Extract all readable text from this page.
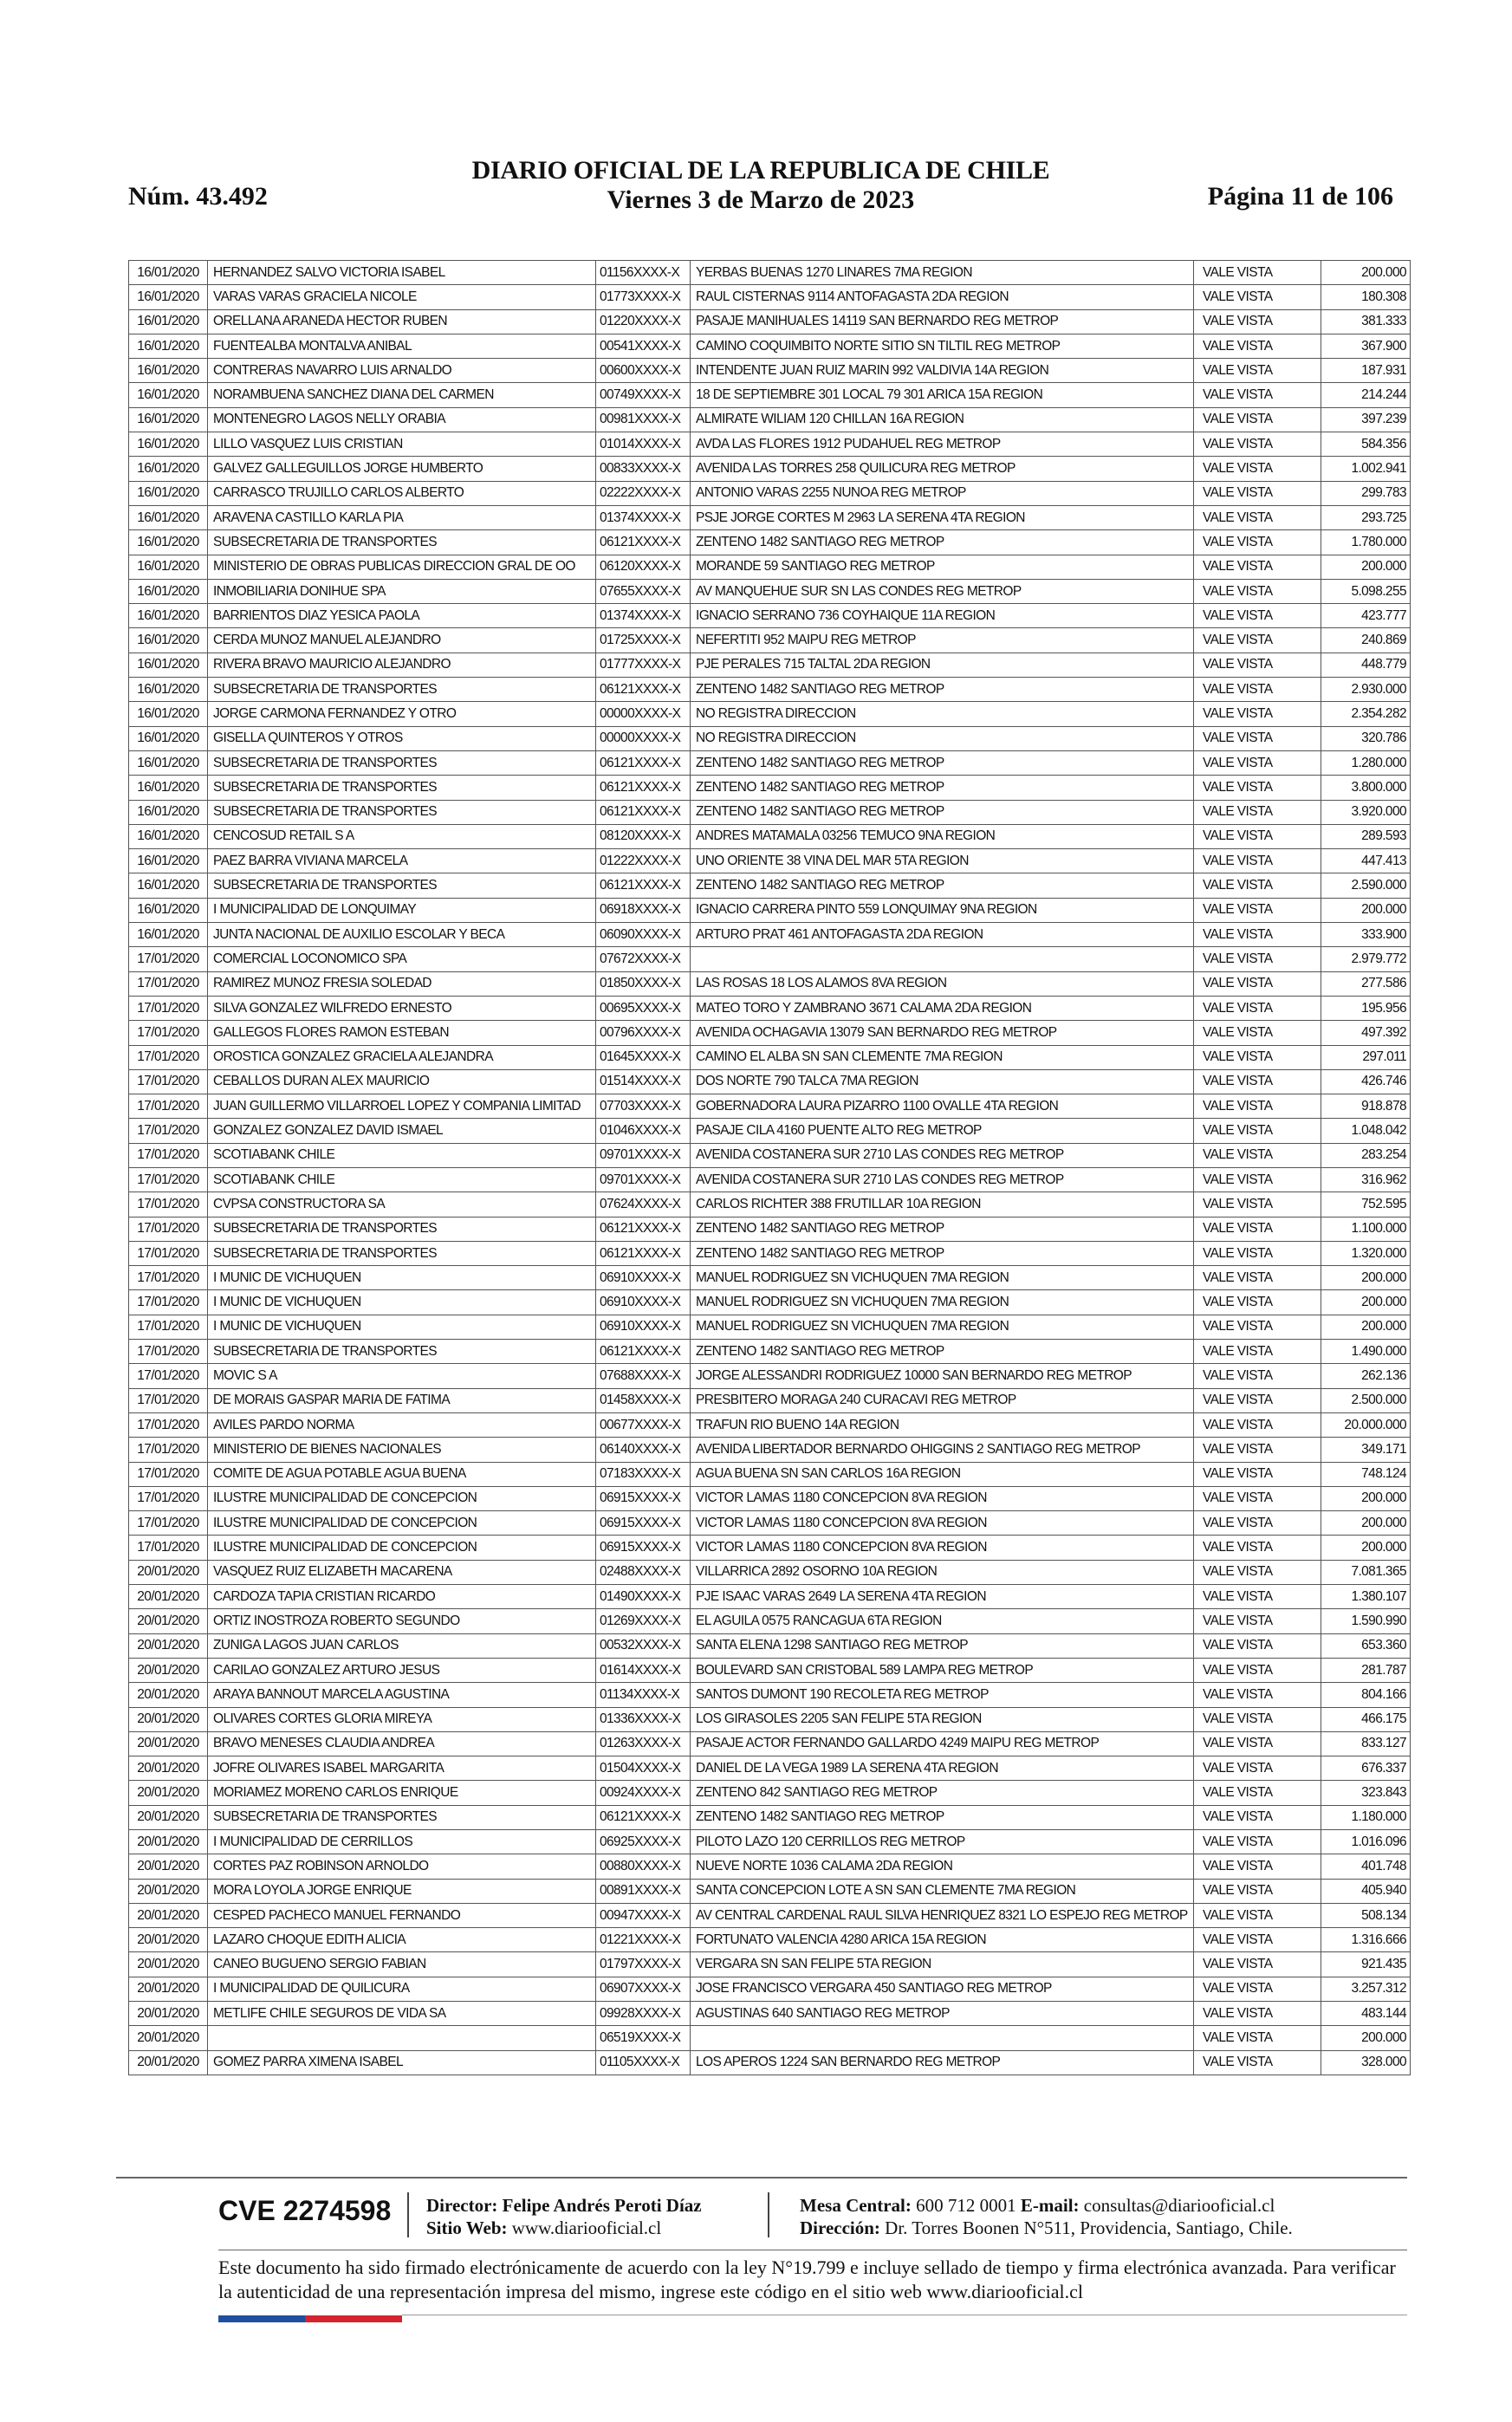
Núm. 43.492
DIARIO OFICIAL DE LA REPUBLICA DE CHILE
Viernes 3 de Marzo de 2023	Página 11 de 106
16/01/2020	HERNANDEZ SALVO VICTORIA ISABEL	01156XXXX-X	YERBAS BUENAS 1270 LINARES 7MA REGION	VALE VISTA	200.000
16/01/2020	VARAS VARAS GRACIELA NICOLE	01773XXXX-X	RAUL CISTERNAS 9114 ANTOFAGASTA 2DA REGION	VALE VISTA	180.308
16/01/2020	ORELLANA ARANEDA HECTOR RUBEN	01220XXXX-X	PASAJE MANIHUALES 14119 SAN BERNARDO REG METROP	VALE VISTA	381.333
16/01/2020	FUENTEALBA MONTALVA ANIBAL	00541XXXX-X	CAMINO COQUIMBITO NORTE SITIO SN TILTIL REG METROP	VALE VISTA	367.900
16/01/2020	CONTRERAS NAVARRO LUIS ARNALDO	00600XXXX-X	INTENDENTE JUAN RUIZ MARIN 992 VALDIVIA 14A REGION	VALE VISTA	187.931
16/01/2020	NORAMBUENA SANCHEZ DIANA DEL CARMEN	00749XXXX-X	18 DE SEPTIEMBRE 301 LOCAL 79 301 ARICA 15A REGION	VALE VISTA	214.244
16/01/2020	MONTENEGRO LAGOS NELLY ORABIA	00981XXXX-X	ALMIRATE WILIAM 120 CHILLAN 16A REGION	VALE VISTA	397.239
16/01/2020	LILLO VASQUEZ LUIS CRISTIAN	01014XXXX-X	AVDA LAS FLORES 1912 PUDAHUEL REG METROP	VALE VISTA	584.356
16/01/2020	GALVEZ GALLEGUILLOS JORGE HUMBERTO	00833XXXX-X	AVENIDA LAS TORRES 258 QUILICURA REG METROP	VALE VISTA	1.002.941
16/01/2020	CARRASCO TRUJILLO CARLOS ALBERTO	02222XXXX-X	ANTONIO VARAS 2255 NUNOA REG METROP	VALE VISTA	299.783
16/01/2020	ARAVENA CASTILLO KARLA PIA	01374XXXX-X	PSJE JORGE CORTES M 2963 LA SERENA 4TA REGION	VALE VISTA	293.725
16/01/2020	SUBSECRETARIA DE TRANSPORTES	06121XXXX-X	ZENTENO 1482 SANTIAGO REG METROP	VALE VISTA	1.780.000
16/01/2020	MINISTERIO DE OBRAS PUBLICAS DIRECCION GRAL DE OO	06120XXXX-X	MORANDE 59 SANTIAGO REG METROP	VALE VISTA	200.000
16/01/2020	INMOBILIARIA DONIHUE SPA	07655XXXX-X	AV MANQUEHUE SUR SN LAS CONDES REG METROP	VALE VISTA	5.098.255
16/01/2020	BARRIENTOS DIAZ YESICA PAOLA	01374XXXX-X	IGNACIO SERRANO 736 COYHAIQUE 11A REGION	VALE VISTA	423.777
16/01/2020	CERDA MUNOZ MANUEL ALEJANDRO	01725XXXX-X	NEFERTITI 952 MAIPU REG METROP	VALE VISTA	240.869
16/01/2020	RIVERA BRAVO MAURICIO ALEJANDRO	01777XXXX-X	PJE PERALES 715 TALTAL 2DA REGION	VALE VISTA	448.779
16/01/2020	SUBSECRETARIA DE TRANSPORTES	06121XXXX-X	ZENTENO 1482 SANTIAGO REG METROP	VALE VISTA	2.930.000
16/01/2020	JORGE CARMONA FERNANDEZ Y OTRO	00000XXXX-X	NO REGISTRA DIRECCION	VALE VISTA	2.354.282
16/01/2020	GISELLA QUINTEROS Y OTROS	00000XXXX-X	NO REGISTRA DIRECCION	VALE VISTA	320.786
16/01/2020	SUBSECRETARIA DE TRANSPORTES	06121XXXX-X	ZENTENO 1482 SANTIAGO REG METROP	VALE VISTA	1.280.000
16/01/2020	SUBSECRETARIA DE TRANSPORTES	06121XXXX-X	ZENTENO 1482 SANTIAGO REG METROP	VALE VISTA	3.800.000
16/01/2020	SUBSECRETARIA DE TRANSPORTES	06121XXXX-X	ZENTENO 1482 SANTIAGO REG METROP	VALE VISTA	3.920.000
16/01/2020	CENCOSUD RETAIL S A	08120XXXX-X	ANDRES MATAMALA 03256 TEMUCO 9NA REGION	VALE VISTA	289.593
16/01/2020	PAEZ BARRA VIVIANA MARCELA	01222XXXX-X	UNO ORIENTE 38 VINA DEL MAR 5TA REGION	VALE VISTA	447.413
16/01/2020	SUBSECRETARIA DE TRANSPORTES	06121XXXX-X	ZENTENO 1482 SANTIAGO REG METROP	VALE VISTA	2.590.000
16/01/2020	I MUNICIPALIDAD DE LONQUIMAY	06918XXXX-X	IGNACIO CARRERA PINTO 559 LONQUIMAY 9NA REGION	VALE VISTA	200.000
16/01/2020	JUNTA NACIONAL DE AUXILIO ESCOLAR Y BECA	06090XXXX-X	ARTURO PRAT 461 ANTOFAGASTA 2DA REGION	VALE VISTA	333.900
17/01/2020	COMERCIAL LOCONOMICO SPA	07672XXXX-X		VALE VISTA	2.979.772
17/01/2020	RAMIREZ MUNOZ FRESIA SOLEDAD	01850XXXX-X	LAS ROSAS 18 LOS ALAMOS 8VA REGION	VALE VISTA	277.586
17/01/2020	SILVA GONZALEZ WILFREDO ERNESTO	00695XXXX-X	MATEO TORO Y ZAMBRANO 3671 CALAMA 2DA REGION	VALE VISTA	195.956
17/01/2020	GALLEGOS FLORES RAMON ESTEBAN	00796XXXX-X	AVENIDA OCHAGAVIA 13079 SAN BERNARDO REG METROP	VALE VISTA	497.392
17/01/2020	OROSTICA GONZALEZ GRACIELA ALEJANDRA	01645XXXX-X	CAMINO EL ALBA SN SAN CLEMENTE 7MA REGION	VALE VISTA	297.011
17/01/2020	CEBALLOS DURAN ALEX MAURICIO	01514XXXX-X	DOS NORTE 790 TALCA 7MA REGION	VALE VISTA	426.746
17/01/2020	JUAN GUILLERMO VILLARROEL LOPEZ Y COMPANIA LIMITAD	07703XXXX-X	GOBERNADORA LAURA PIZARRO 1100 OVALLE 4TA REGION	VALE VISTA	918.878
17/01/2020	GONZALEZ GONZALEZ DAVID ISMAEL	01046XXXX-X	PASAJE CILA 4160 PUENTE ALTO REG METROP	VALE VISTA	1.048.042
17/01/2020	SCOTIABANK CHILE	09701XXXX-X	AVENIDA COSTANERA SUR 2710 LAS CONDES REG METROP	VALE VISTA	283.254
17/01/2020	SCOTIABANK CHILE	09701XXXX-X	AVENIDA COSTANERA SUR 2710 LAS CONDES REG METROP	VALE VISTA	316.962
17/01/2020	CVPSA CONSTRUCTORA SA	07624XXXX-X	CARLOS RICHTER 388 FRUTILLAR 10A REGION	VALE VISTA	752.595
17/01/2020	SUBSECRETARIA DE TRANSPORTES	06121XXXX-X	ZENTENO 1482 SANTIAGO REG METROP	VALE VISTA	1.100.000
17/01/2020	SUBSECRETARIA DE TRANSPORTES	06121XXXX-X	ZENTENO 1482 SANTIAGO REG METROP	VALE VISTA	1.320.000
17/01/2020	I MUNIC DE VICHUQUEN	06910XXXX-X	MANUEL RODRIGUEZ SN VICHUQUEN 7MA REGION	VALE VISTA	200.000
17/01/2020	I MUNIC DE VICHUQUEN	06910XXXX-X	MANUEL RODRIGUEZ SN VICHUQUEN 7MA REGION	VALE VISTA	200.000
17/01/2020	I MUNIC DE VICHUQUEN	06910XXXX-X	MANUEL RODRIGUEZ SN VICHUQUEN 7MA REGION	VALE VISTA	200.000
17/01/2020	SUBSECRETARIA DE TRANSPORTES	06121XXXX-X	ZENTENO 1482 SANTIAGO REG METROP	VALE VISTA	1.490.000
17/01/2020	MOVIC S A	07688XXXX-X	JORGE ALESSANDRI RODRIGUEZ 10000 SAN BERNARDO REG METROP	VALE VISTA	262.136
17/01/2020	DE MORAIS GASPAR MARIA DE FATIMA	01458XXXX-X	PRESBITERO MORAGA 240 CURACAVI REG METROP	VALE VISTA	2.500.000
17/01/2020	AVILES PARDO NORMA	00677XXXX-X	TRAFUN RIO BUENO 14A REGION	VALE VISTA	20.000.000
17/01/2020	MINISTERIO DE BIENES NACIONALES	06140XXXX-X	AVENIDA LIBERTADOR BERNARDO OHIGGINS 2 SANTIAGO REG METROP	VALE VISTA	349.171
17/01/2020	COMITE DE AGUA POTABLE AGUA BUENA	07183XXXX-X	AGUA BUENA SN SAN CARLOS 16A REGION	VALE VISTA	748.124
17/01/2020	ILUSTRE MUNICIPALIDAD DE CONCEPCION	06915XXXX-X	VICTOR LAMAS 1180 CONCEPCION 8VA REGION	VALE VISTA	200.000
17/01/2020	ILUSTRE MUNICIPALIDAD DE CONCEPCION	06915XXXX-X	VICTOR LAMAS 1180 CONCEPCION 8VA REGION	VALE VISTA	200.000
17/01/2020	ILUSTRE MUNICIPALIDAD DE CONCEPCION	06915XXXX-X	VICTOR LAMAS 1180 CONCEPCION 8VA REGION	VALE VISTA	200.000
20/01/2020	VASQUEZ RUIZ ELIZABETH MACARENA	02488XXXX-X	VILLARRICA 2892 OSORNO 10A REGION	VALE VISTA	7.081.365
20/01/2020	CARDOZA TAPIA CRISTIAN RICARDO	01490XXXX-X	PJE ISAAC VARAS 2649 LA SERENA 4TA REGION	VALE VISTA	1.380.107
20/01/2020	ORTIZ INOSTROZA ROBERTO SEGUNDO	01269XXXX-X	EL AGUILA 0575 RANCAGUA 6TA REGION	VALE VISTA	1.590.990
20/01/2020	ZUNIGA LAGOS JUAN CARLOS	00532XXXX-X	SANTA ELENA 1298 SANTIAGO REG METROP	VALE VISTA	653.360
20/01/2020	CARILAO GONZALEZ ARTURO JESUS	01614XXXX-X	BOULEVARD SAN CRISTOBAL 589 LAMPA REG METROP	VALE VISTA	281.787
20/01/2020	ARAYA BANNOUT MARCELA AGUSTINA	01134XXXX-X	SANTOS DUMONT 190 RECOLETA REG METROP	VALE VISTA	804.166
20/01/2020	OLIVARES CORTES GLORIA MIREYA	01336XXXX-X	LOS GIRASOLES 2205 SAN FELIPE 5TA REGION	VALE VISTA	466.175
20/01/2020	BRAVO MENESES CLAUDIA ANDREA	01263XXXX-X	PASAJE ACTOR FERNANDO GALLARDO 4249 MAIPU REG METROP	VALE VISTA	833.127
20/01/2020	JOFRE OLIVARES ISABEL MARGARITA	01504XXXX-X	DANIEL DE LA VEGA 1989 LA SERENA 4TA REGION	VALE VISTA	676.337
20/01/2020	MORIAMEZ MORENO CARLOS ENRIQUE	00924XXXX-X	ZENTENO 842 SANTIAGO REG METROP	VALE VISTA	323.843
20/01/2020	SUBSECRETARIA DE TRANSPORTES	06121XXXX-X	ZENTENO 1482 SANTIAGO REG METROP	VALE VISTA	1.180.000
20/01/2020	I MUNICIPALIDAD DE CERRILLOS	06925XXXX-X	PILOTO LAZO 120 CERRILLOS REG METROP	VALE VISTA	1.016.096
20/01/2020	CORTES PAZ ROBINSON ARNOLDO	00880XXXX-X	NUEVE NORTE 1036 CALAMA 2DA REGION	VALE VISTA	401.748
20/01/2020	MORA LOYOLA JORGE ENRIQUE	00891XXXX-X	SANTA CONCEPCION LOTE A SN SAN CLEMENTE 7MA REGION	VALE VISTA	405.940
20/01/2020	CESPED PACHECO MANUEL FERNANDO	00947XXXX-X	AV CENTRAL CARDENAL RAUL SILVA HENRIQUEZ 8321 LO ESPEJO REG METROP	VALE VISTA	508.134
20/01/2020	LAZARO CHOQUE EDITH ALICIA	01221XXXX-X	FORTUNATO VALENCIA 4280 ARICA 15A REGION	VALE VISTA	1.316.666
20/01/2020	CANEO BUGUENO SERGIO FABIAN	01797XXXX-X	VERGARA SN SAN FELIPE 5TA REGION	VALE VISTA	921.435
20/01/2020	I MUNICIPALIDAD DE QUILICURA	06907XXXX-X	JOSE FRANCISCO VERGARA 450 SANTIAGO REG METROP	VALE VISTA	3.257.312
20/01/2020	METLIFE CHILE SEGUROS DE VIDA SA	09928XXXX-X	AGUSTINAS 640 SANTIAGO REG METROP	VALE VISTA	483.144
20/01/2020		06519XXXX-X		VALE VISTA	200.000
20/01/2020	GOMEZ PARRA XIMENA ISABEL	01105XXXX-X	LOS APEROS 1224 SAN BERNARDO REG METROP	VALE VISTA	328.000
CVE 2274598 Director: Felipe Andrés Peroti Díaz
Sitio Web: www.diariooficial.cl
Mesa Central: 600 712 0001 E-mail: consultas@diariooficial.cl
Dirección: Dr. Torres Boonen N°511, Providencia, Santiago, Chile.
Este documento ha sido firmado electrónicamente de acuerdo con la ley N°19.799 e incluye sellado de tiempo y firma electrónica avanzada. Para verificar la autenticidad de una representación impresa del mismo, ingrese este código en el sitio web www.diariooficial.cl
